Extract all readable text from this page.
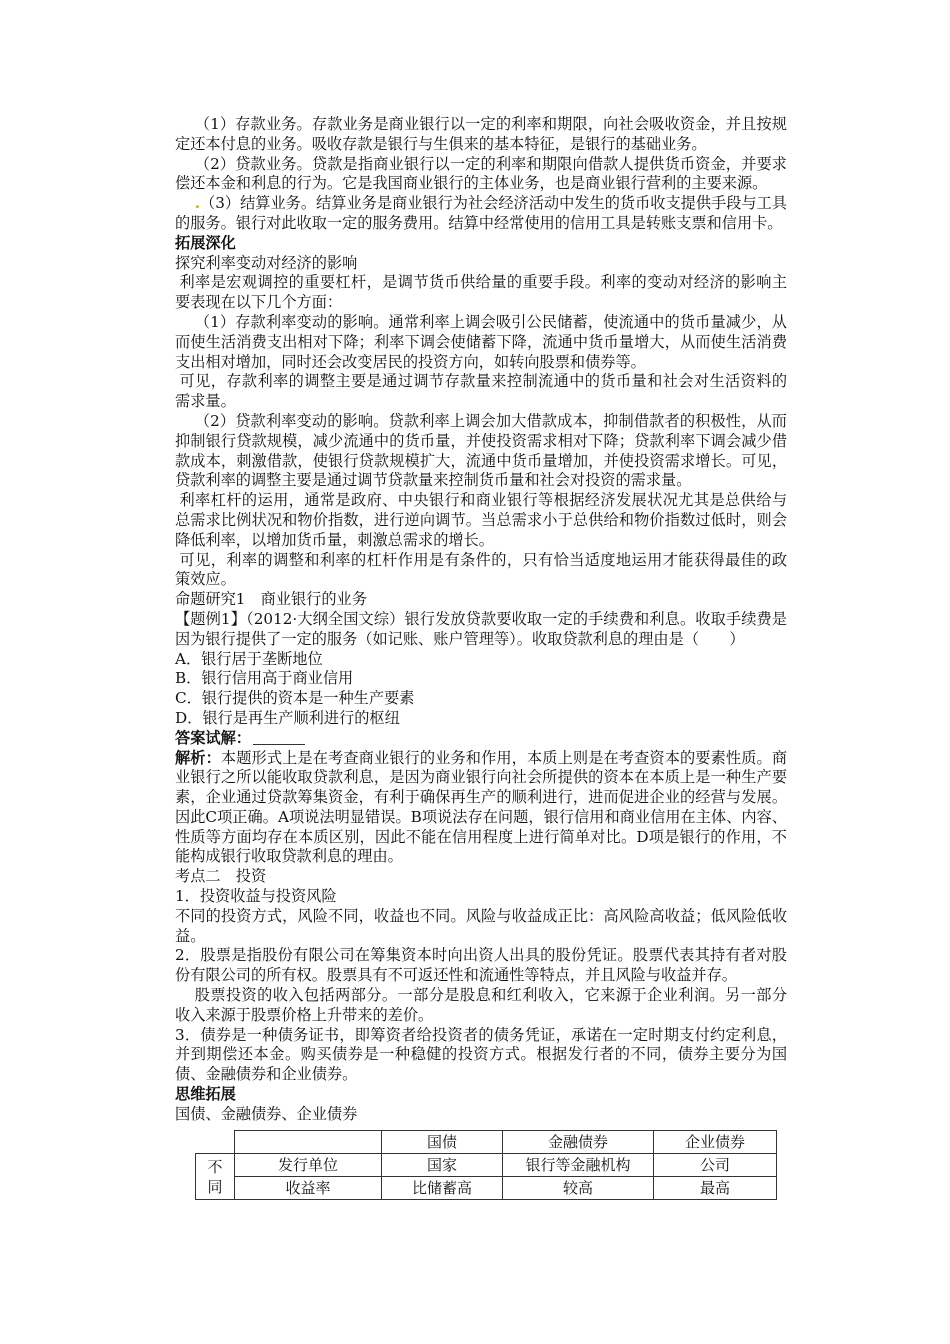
（1）存款业务。存款业务是商业银行以一定的利率和期限，向社会吸收资金，并且按规定还本付息的业务。吸收存款是银行与生俱来的基本特征，是银行的基础业务。

（2）贷款业务。贷款是指商业银行以一定的利率和期限向借款人提供货币资金，并要求偿还本金和利息的行为。它是我国商业银行的主体业务，也是商业银行营利的主要来源。

.（3）结算业务。结算业务是商业银行为社会经济活动中发生的货币收支提供手段与工具的服务。银行对此收取一定的服务费用。结算中经常使用的信用工具是转账支票和信用卡。

拓展深化

探究利率变动对经济的影响

利率是宏观调控的重要杠杆，是调节货币供给量的重要手段。利率的变动对经济的影响主要表现在以下几个方面：

（1）存款利率变动的影响。通常利率上调会吸引公民储蓄，使流通中的货币量减少，从而使生活消费支出相对下降；利率下调会使储蓄下降，流通中货币量增大，从而使生活消费支出相对增加，同时还会改变居民的投资方向，如转向股票和债券等。

可见，存款利率的调整主要是通过调节存款量来控制流通中的货币量和社会对生活资料的需求量。

（2）贷款利率变动的影响。贷款利率上调会加大借款成本，抑制借款者的积极性，从而抑制银行贷款规模，减少流通中的货币量，并使投资需求相对下降；贷款利率下调会减少借款成本，刺激借款，使银行贷款规模扩大，流通中货币量增加，并使投资需求增长。可见，贷款利率的调整主要是通过调节贷款量来控制货币量和社会对投资的需求量。

利率杠杆的运用，通常是政府、中央银行和商业银行等根据经济发展状况尤其是总供给与总需求比例状况和物价指数，进行逆向调节。当总需求小于总供给和物价指数过低时，则会降低利率，以增加货币量，刺激总需求的增长。

可见，利率的调整和利率的杠杆作用是有条件的，只有恰当适度地运用才能获得最佳的政策效应。

命题研究1　商业银行的业务

【题例1】（2012·大纲全国文综）银行发放贷款要收取一定的手续费和利息。收取手续费是因为银行提供了一定的服务（如记账、账户管理等）。收取贷款利息的理由是（　　）

A．银行居于垄断地位

B．银行信用高于商业信用

C．银行提供的资本是一种生产要素

D．银行是再生产顺利进行的枢纽

答案试解：

解析：本题形式上是在考查商业银行的业务和作用，本质上则是在考查资本的要素性质。商业银行之所以能收取贷款利息，是因为商业银行向社会所提供的资本在本质上是一种生产要素，企业通过贷款筹集资金，有利于确保再生产的顺利进行，进而促进企业的经营与发展。因此C项正确。A项说法明显错误。B项说法存在问题，银行信用和商业信用在主体、内容、性质等方面均存在本质区别，因此不能在信用程度上进行简单对比。D项是银行的作用，不能构成银行收取贷款利息的理由。

考点二　投资

1．投资收益与投资风险

不同的投资方式，风险不同，收益也不同。风险与收益成正比：高风险高收益；低风险低收益。

2．股票是指股份有限公司在筹集资本时向出资人出具的股份凭证。股票代表其持有者对股份有限公司的所有权。股票具有不可返还性和流通性等特点，并且风险与收益并存。

股票投资的收入包括两部分。一部分是股息和红利收入，它来源于企业利润。另一部分收入来源于股票价格上升带来的差价。

3．债券是一种债务证书，即筹资者给投资者的债务凭证，承诺在一定时期支付约定利息，并到期偿还本金。购买债券是一种稳健的投资方式。根据发行者的不同，债券主要分为国债、金融债券和企业债券。

思维拓展

国债、金融债券、企业债券

		国债	金融债券	企业债券
不同	发行单位	国家	银行等金融机构	公司
	收益率	比储蓄高	较高	最高
